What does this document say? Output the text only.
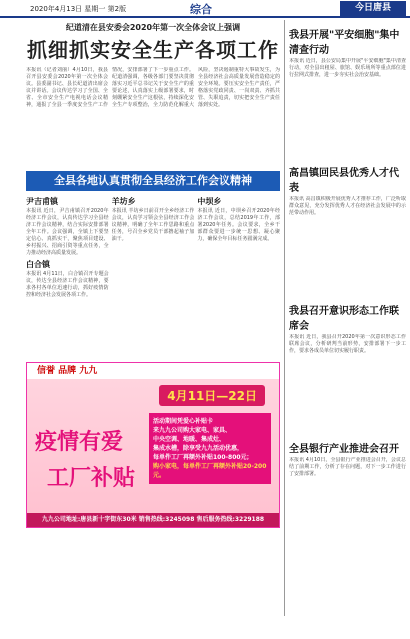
2020年4月13日 星期一 第2版	综合	今日唐县
纪道清在县安委会2020年第一次全体会议上强调
抓细抓实安全生产各项工作
本报讯（记者刘丽）4月10日，我县召开县安委会2020年第一次全体会议。县委副书记、县长纪道清出席会议并讲话。会议传达学习了全国、全省、全市安全生产电视电话会议精神，通报了全县一季度安全生产工作情况，安排部署了下一步重点工作。纪道清强调，各级各部门要坚决贯彻落实习近平总书记关于安全生产的重要论述，认真落实上级部署要求，时刻绷紧安全生产这根弦，持续深化安全生产专项整治，全力防范化解重大风险，坚决遏制重特大事故发生，为全县经济社会高质量发展营造稳定的安全环境。要压实安全生产责任，严格落实党政同责、一岗双责、齐抓共管、失职追责，切实把安全生产责任落到实处。
全县各地认真贯彻全县经济工作会议精神
尹吉甫镇
本报讯 近日，尹吉甫镇召开2020年经济工作会议，认真传达学习全县经济工作会议精神，结合实际安排部署全年工作。会议强调，全镇上下要坚定信心、真抓实干，聚焦项目建设、乡村振兴、招商引资等重点任务，全力推动经济高质量发展。
白合镇
本报讯 4月11日，白合镇召开专题会议，传达全县经济工作会议精神，要求各村各单位迅速行动，抓好疫情防控和经济社会发展各项工作。
羊坊乡
本报讯 羊坊乡日前召开全乡经济工作会议，认真学习领会全县经济工作会议精神，明确了全年工作思路和重点任务，号召全乡党员干部撸起袖子加油干。
中坝乡
本报讯 近日，中坝乡召开2020年经济工作会议，总结2019年工作，部署2020年任务。会议要求，全乡干部群众要进一步统一思想、凝心聚力，确保全年目标任务圆满完成。
信誉 品牌 九九
4月11日—22日
疫情有爱
工厂补贴
活动期间凭爱心补贴卡
来九九公司购大家电、家具、
中央空调、地暖、集成灶、
集成水槽，除享受九九活动优惠，
每单件工厂再额外补贴100-800元；
购小家电，每单件工厂再额外补贴20-200元。
九九公司地址:唐县新十字街东30米 销售热线:3245098 售后服务热线:3229188
我县开展"平安细胞"集中清查行动
本报讯 近日，县公安局集中开展"平安细胞"集中清查行动，对全县出租屋、旅馆、娱乐场所等重点部位进行拉网式排查，进一步夯实社会治安基础。
高昌镇回民县优秀人才代表
本报讯 高昌镇积极开展优秀人才推荐工作，广泛听取群众意见，充分发挥优秀人才在经济社会发展中的示范带动作用。
我县召开意识形态工作联席会
本报讯 近日，我县召开2020年第一次意识形态工作联席会议，分析研判当前形势，安排部署下一步工作，要求各成员单位切实履行职责。
全县银行产业推进会召开
本报讯 4月10日，全县银行产业推进会召开，会议总结了前期工作，分析了存在问题，对下一步工作进行了安排部署。
